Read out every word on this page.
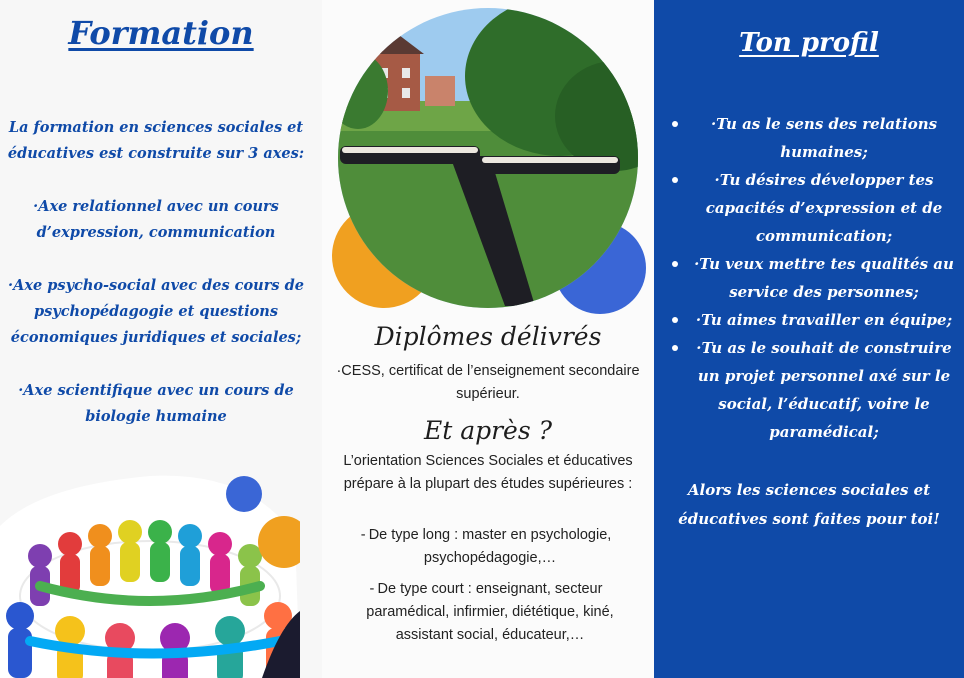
Formation
La formation en sciences sociales et éducatives est construite sur 3 axes:
·Axe relationnel avec un cours d’expression, communication
·Axe psycho-social avec des cours de psychopédagogie et questions économiques juridiques et sociales;
·Axe scientifique avec un cours de biologie humaine
Diplômes délivrés
·CESS, certificat de l’enseignement secondaire supérieur.
Et après ?
L’orientation Sciences Sociales et éducatives prépare à la plupart des études supérieures :
- De type long : master en psychologie, psychopédagogie,…
- De type court : enseignant, secteur paramédical, infirmier, diététique, kiné, assistant social, éducateur,…
Ton profil
·Tu as le sens des relations humaines;
·Tu désires développer tes capacités d’expression et de communication;
·Tu veux mettre tes qualités au service des personnes;
·Tu aimes travailler en équipe;
·Tu as le souhait de construire un projet personnel axé sur le social, l’éducatif, voire le paramédical;
Alors les sciences sociales et éducatives sont faites pour toi!
